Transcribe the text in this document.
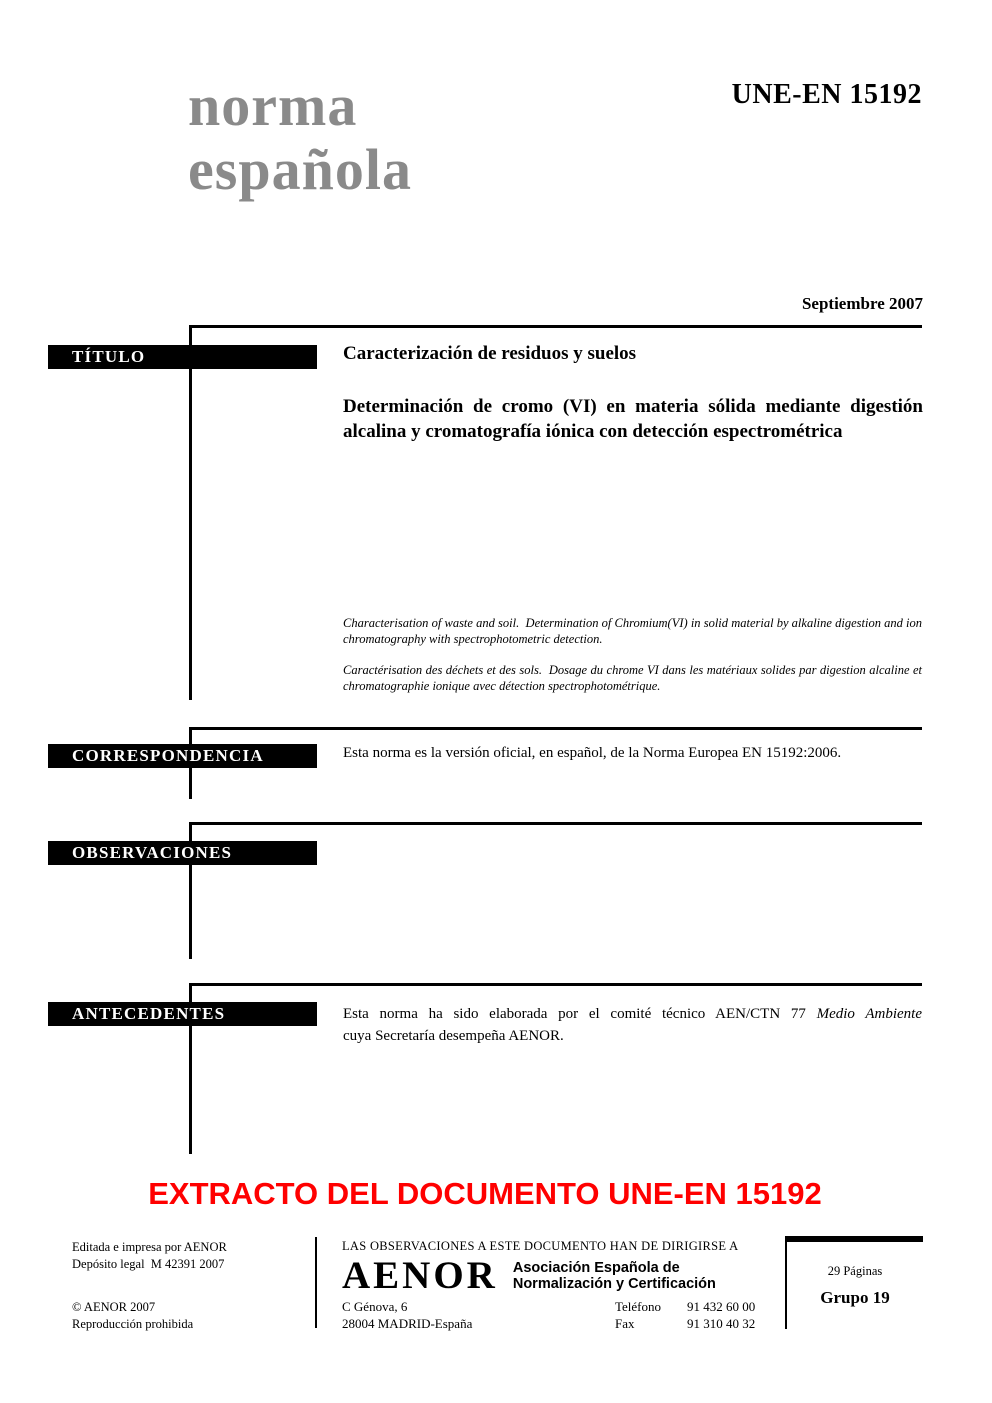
norma
española
UNE-EN 15192
Septiembre 2007
TÍTULO
CORRESPONDENCIA
OBSERVACIONES
ANTECEDENTES
Caracterización de residuos y suelos
Determinación de cromo (VI) en materia sólida mediante digestión alcalina y cromatografía iónica con detección espectrométrica
Characterisation of waste and soil.  Determination of Chromium(VI) in solid material by alkaline digestion and ion chromatography with spectrophotometric detection.
Caractérisation des déchets et des sols.  Dosage du chrome VI dans les matériaux solides par digestion alcaline et chromatographie ionique avec détection spectrophotométrique.
Esta norma es la versión oficial, en español, de la Norma Europea EN 15192:2006.
Esta norma ha sido elaborada por el comité técnico AEN/CTN 77 Medio Ambiente
cuya Secretaría desempeña AENOR.
EXTRACTO DEL DOCUMENTO UNE-EN 15192
Editada e impresa por AENOR
Depósito legal  M 42391 2007
© AENOR 2007
Reproducción prohibida
LAS OBSERVACIONES A ESTE DOCUMENTO HAN DE DIRIGIRSE A
AENOR Asociación Española de
Normalización y Certificación
C Génova, 6
28004 MADRID-España
Teléfono	91 432 60 00
Fax	91 310 40 32
29 Páginas
Grupo 19
